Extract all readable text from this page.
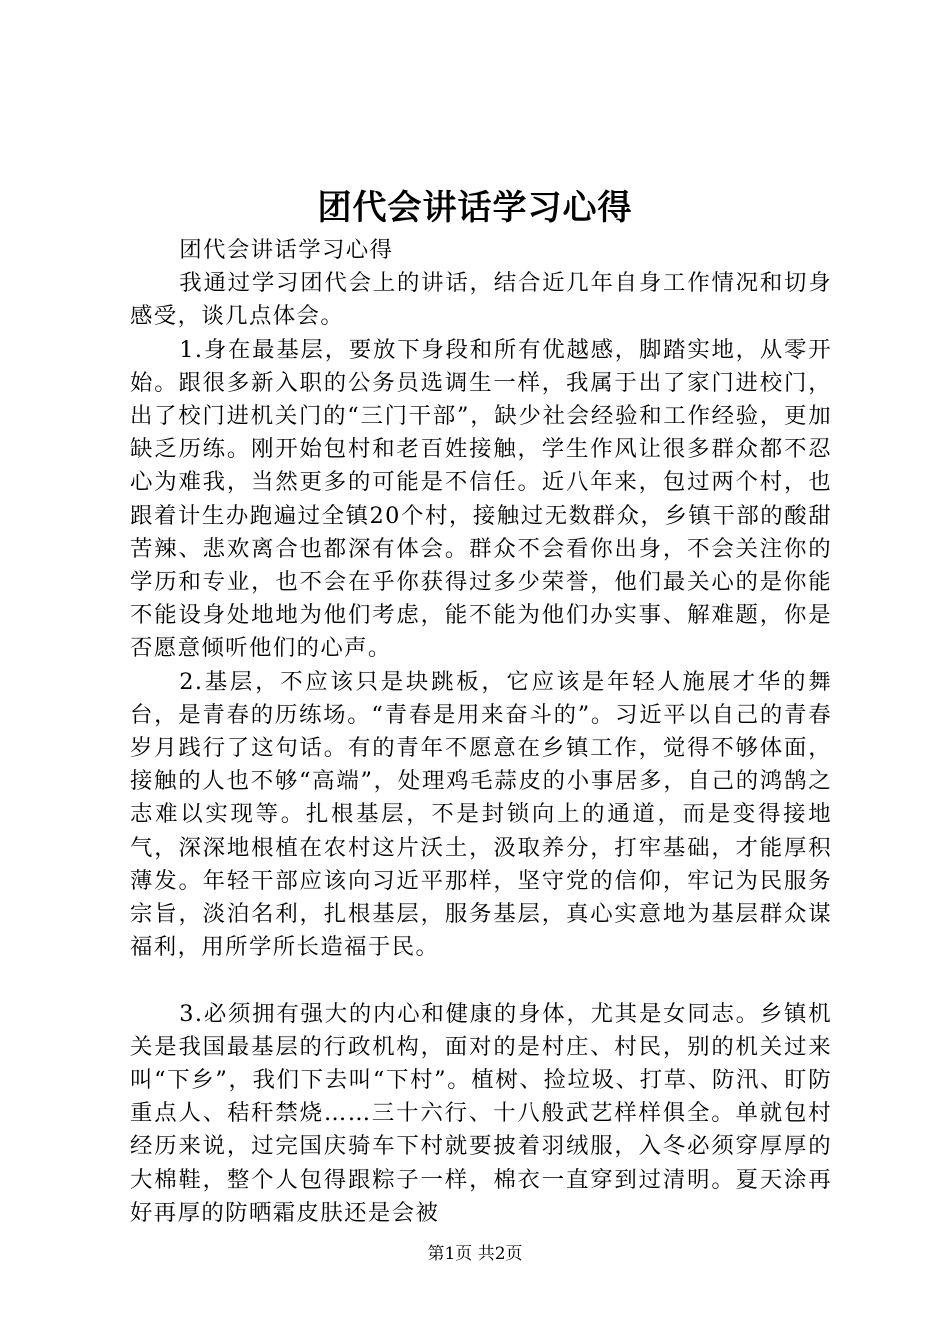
团代会讲话学习心得

团代会讲话学习心得

我通过学习团代会上的讲话，结合近几年自身工作情况和切身感受，谈几点体会。

1.身在最基层，要放下身段和所有优越感，脚踏实地，从零开始。跟很多新入职的公务员选调生一样，我属于出了家门进校门，出了校门进机关门的“三门干部”，缺少社会经验和工作经验，更加缺乏历练。刚开始包村和老百姓接触，学生作风让很多群众都不忍心为难我，当然更多的可能是不信任。近八年来，包过两个村，也跟着计生办跑遍过全镇20个村，接触过无数群众，乡镇干部的酸甜苦辣、悲欢离合也都深有体会。群众不会看你出身，不会关注你的学历和专业，也不会在乎你获得过多少荣誉，他们最关心的是你能不能设身处地地为他们考虑，能不能为他们办实事、解难题，你是否愿意倾听他们的心声。

2.基层，不应该只是块跳板，它应该是年轻人施展才华的舞台，是青春的历练场。“青春是用来奋斗的”。习近平以自己的青春岁月践行了这句话。有的青年不愿意在乡镇工作，觉得不够体面，接触的人也不够“高端”，处理鸡毛蒜皮的小事居多，自己的鸿鹄之志难以实现等。扎根基层，不是封锁向上的通道，而是变得接地气，深深地根植在农村这片沃土，汲取养分，打牢基础，才能厚积薄发。年轻干部应该向习近平那样，坚守党的信仰，牢记为民服务宗旨，淡泊名利，扎根基层，服务基层，真心实意地为基层群众谋福利，用所学所长造福于民。

3.必须拥有强大的内心和健康的身体，尤其是女同志。乡镇机关是我国最基层的行政机构，面对的是村庄、村民，别的机关过来叫“下乡”，我们下去叫“下村”。植树、捡垃圾、打草、防汛、盯防重点人、秸秆禁烧……三十六行、十八般武艺样样俱全。单就包村经历来说，过完国庆骑车下村就要披着羽绒服，入冬必须穿厚厚的大棉鞋，整个人包得跟粽子一样，棉衣一直穿到过清明。夏天涂再好再厚的防晒霜皮肤还是会被

第1页 共2页
